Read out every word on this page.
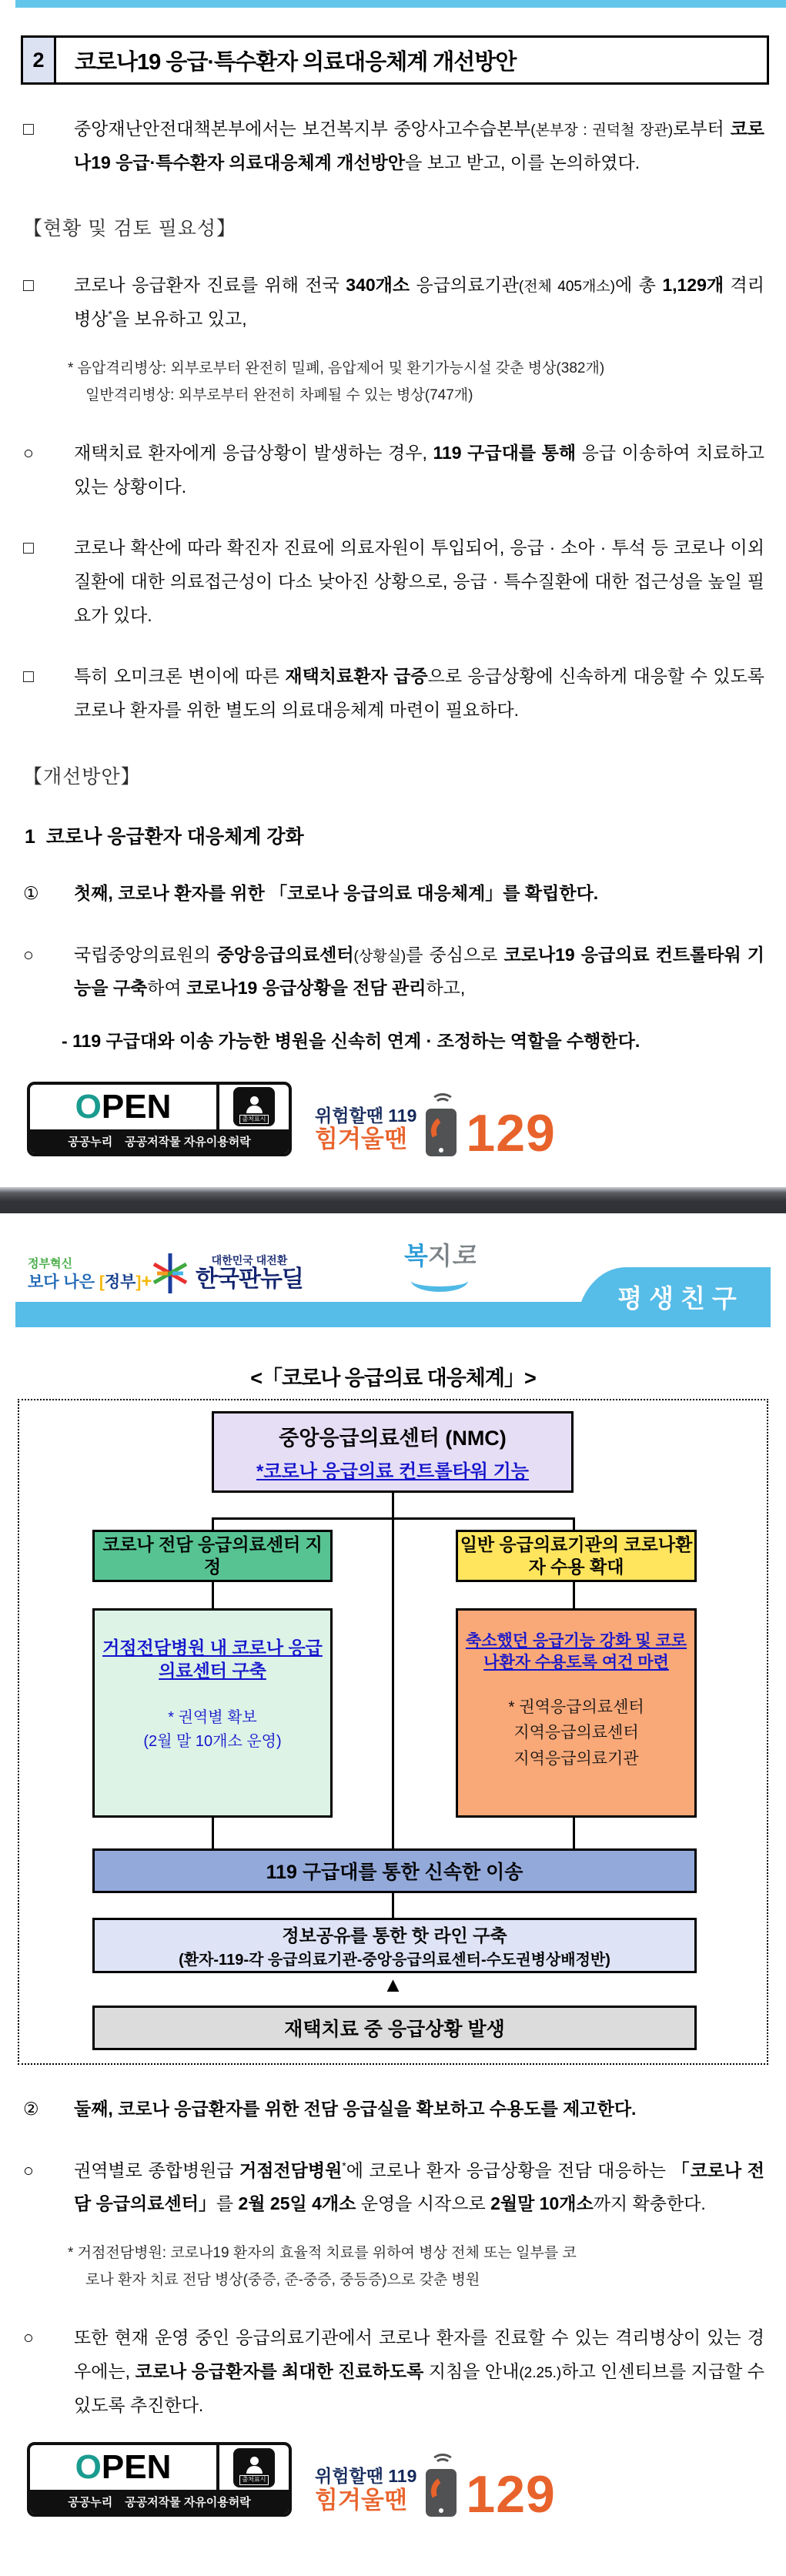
2	코로나19 응급·특수환자 의료대응체계 개선방안

□ 중앙재난안전대책본부에서는 보건복지부 중앙사고수습본부(본부장 : 권덕철 장관)로부터 코로나19 응급·특수환자 의료대응체계 개선방안을 보고 받고, 이를 논의하였다.

【현황 및 검토 필요성】

□ 코로나 응급환자 진료를 위해 전국 340개소 응급의료기관(전체 405개소)에 총 1,129개 격리병상*을 보유하고 있고,

* 음압격리병상: 외부로부터 완전히 밀폐, 음압제어 및 환기가능시설 갖춘 병상(382개)
일반격리병상: 외부로부터 완전히 차폐될 수 있는 병상(747개)

○ 재택치료 환자에게 응급상황이 발생하는 경우, 119 구급대를 통해 응급 이송하여 치료하고 있는 상황이다.

□ 코로나 확산에 따라 확진자 진료에 의료자원이 투입되어, 응급 · 소아 · 투석 등 코로나 이외 질환에 대한 의료접근성이 다소 낮아진 상황으로, 응급 · 특수질환에 대한 접근성을 높일 필요가 있다.

□ 특히 오미크론 변이에 따른 재택치료환자 급증으로 응급상황에 신속하게 대응할 수 있도록 코로나 환자를 위한 별도의 의료대응체계 마련이 필요하다.

【개선방안】
1 코로나 응급환자 대응체계 강화

① 첫째, 코로나 환자를 위한 「코로나 응급의료 대응체계」를 확립한다.

○ 국립중앙의료원의 중앙응급의료센터(상황실)를 중심으로 코로나19 응급의료 컨트롤타워 기능을 구축하여 코로나19 응급상황을 전담 관리하고,

- 119 구급대와 이송 가능한 병원을 신속히 연계 · 조정하는 역할을 수행한다.
O PEN	출처표시
공공누리 공공저작물 자유이용허락
위험할땐 119
힘겨울땐 129
정부혁신
보다 나은 [정부]+
대한민국 대전환
한국판뉴딜
복지로
평생친구
<「코로나 응급의료 대응체계」>
중앙응급의료센터 (NMC)
*코로나 응급의료 컨트롤타워 기능
코로나 전담 응급의료센터 지정
일반 응급의료기관의 코로나환자 수용 확대
거점전담병원 내 코로나 응급의료센터 구축
* 권역별 확보
(2월 말 10개소 운영)
축소했던 응급기능 강화 및 코로나환자 수용토록 여건 마련
* 권역응급의료센터
지역응급의료센터
지역응급의료기관
119 구급대를 통한 신속한 이송
정보공유를 통한 핫 라인 구축
(환자-119-각 응급의료기관-중앙응급의료센터-수도권병상배정반)
▲
재택치료 중 응급상황 발생

② 둘째, 코로나 응급환자를 위한 전담 응급실을 확보하고 수용도를 제고한다.

○ 권역별로 종합병원급 거점전담병원*에 코로나 환자 응급상황을 전담 대응하는 「코로나 전담 응급의료센터」를 2월 25일 4개소 운영을 시작으로 2월말 10개소까지 확충한다.

* 거점전담병원: 코로나19 환자의 효율적 치료를 위하여 병상 전체 또는 일부를 코
로나 환자 치료 전담 병상(중증, 준-중증, 중등증)으로 갖춘 병원

○ 또한 현재 운영 중인 응급의료기관에서 코로나 환자를 진료할 수 있는 격리병상이 있는 경우에는, 코로나 응급환자를 최대한 진료하도록 지침을 안내(2.25.)하고 인센티브를 지급할 수 있도록 추진한다.

O PEN	출처표시
공공누리 공공저작물 자유이용허락
위험할땐 119
힘겨울땐 129
